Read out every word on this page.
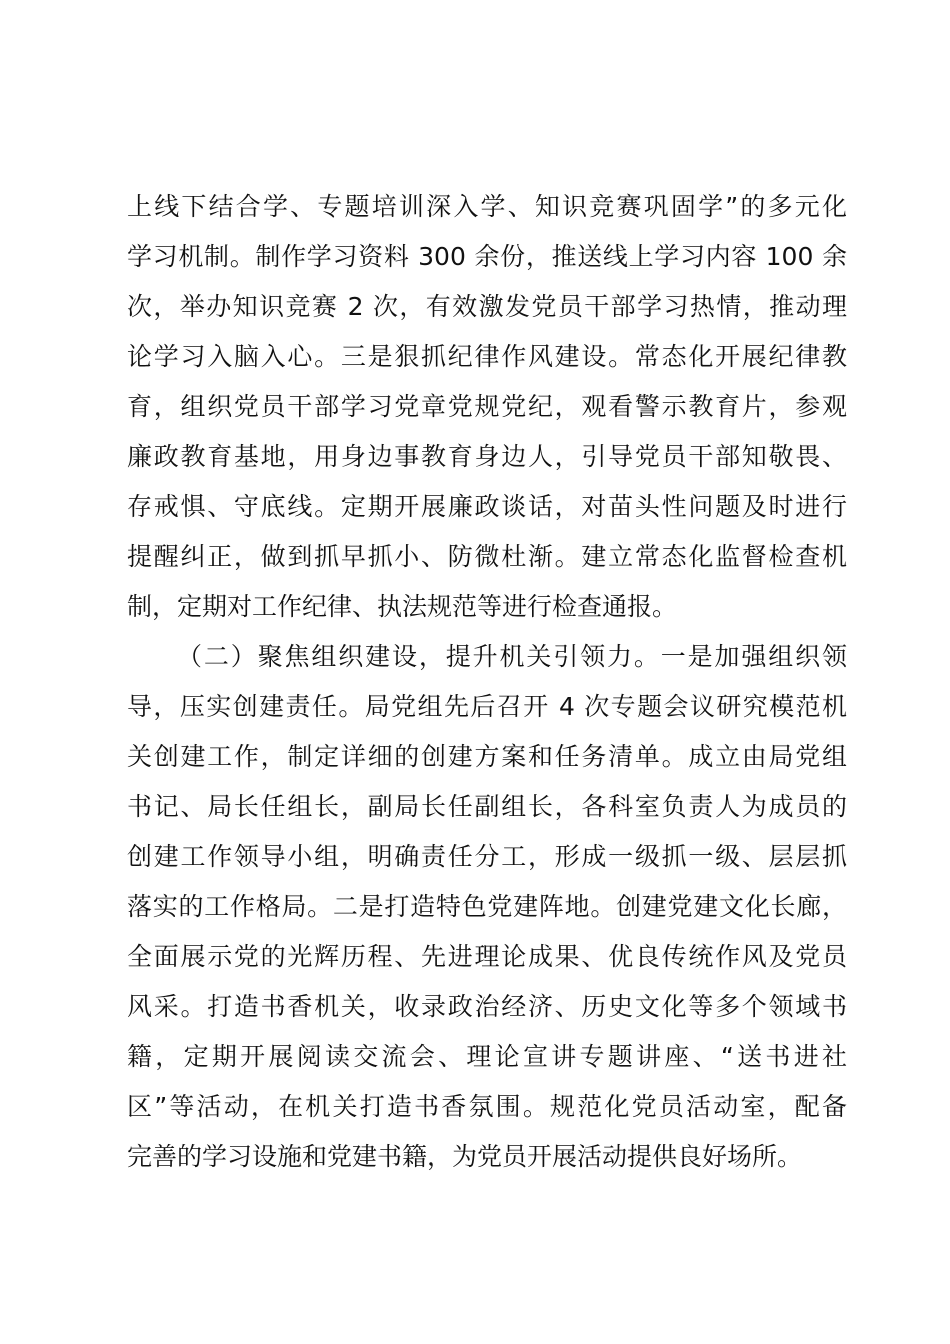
上线下结合学、专题培训深入学、知识竞赛巩固学”的多元化
学习机制。制作学习资料 300 余份，推送线上学习内容 100 余
次，举办知识竞赛 2 次，有效激发党员干部学习热情，推动理
论学习入脑入心。三是狠抓纪律作风建设。常态化开展纪律教
育，组织党员干部学习党章党规党纪，观看警示教育片，参观
廉政教育基地，用身边事教育身边人，引导党员干部知敬畏、
存戒惧、守底线。定期开展廉政谈话，对苗头性问题及时进行
提醒纠正，做到抓早抓小、防微杜渐。建立常态化监督检查机
制，定期对工作纪律、执法规范等进行检查通报。
（二）聚焦组织建设，提升机关引领力。一是加强组织领
导，压实创建责任。局党组先后召开 4 次专题会议研究模范机
关创建工作，制定详细的创建方案和任务清单。成立由局党组
书记、局长任组长，副局长任副组长，各科室负责人为成员的
创建工作领导小组，明确责任分工，形成一级抓一级、层层抓
落实的工作格局。二是打造特色党建阵地。创建党建文化长廊，
全面展示党的光辉历程、先进理论成果、优良传统作风及党员
风采。打造书香机关，收录政治经济、历史文化等多个领域书
籍，定期开展阅读交流会、理论宣讲专题讲座、“送书进社
区”等活动，在机关打造书香氛围。规范化党员活动室，配备
完善的学习设施和党建书籍，为党员开展活动提供良好场所。
